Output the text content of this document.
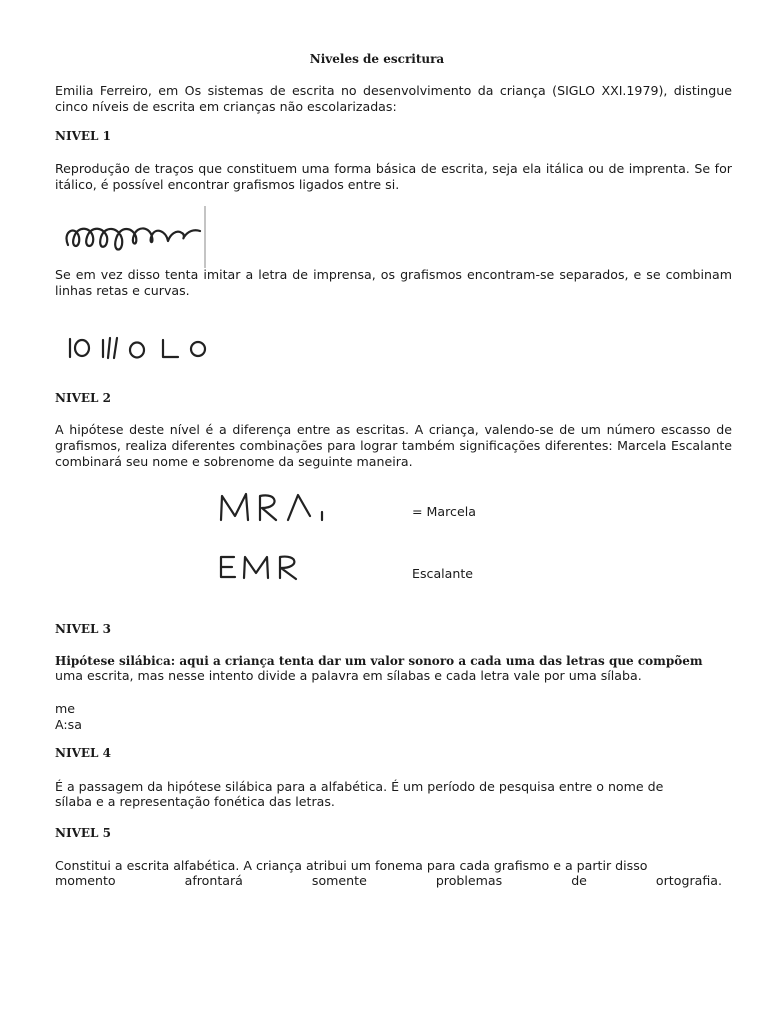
Niveles de escritura
Emilia Ferreiro, em Os sistemas de escrita no desenvolvimento da criança (SIGLO XXI.1979), distingue cinco níveis de escrita em crianças não escolarizadas:
NIVEL 1
Reprodução de traços que constituem uma forma básica de escrita, seja ela itálica ou de imprenta. Se for itálico, é possível encontrar grafismos ligados entre si.
Se em vez disso tenta imitar a letra de imprensa, os grafismos encontram-se separados, e se combinam linhas retas e curvas.
NIVEL 2
A hipótese deste nível é a diferença entre as escritas. A criança, valendo-se de um número escasso de grafismos, realiza diferentes combinações para lograr também significações diferentes: Marcela Escalante combinará seu nome e sobrenome da seguinte maneira.
= Marcela
Escalante
NIVEL 3
Hipótese silábica: aqui a criança tenta dar um valor sonoro a cada uma das letras que compõem
uma escrita, mas nesse intento divide a palavra em sílabas e cada letra vale por uma sílaba.
me
A:sa
NIVEL 4
É a passagem da hipótese silábica para a alfabética. É um período de pesquisa entre o nome de
sílaba e a representação fonética das letras.
NIVEL 5
Constitui a escrita alfabética. A criança atribui um fonema para cada grafismo e a partir disso
momento afrontará somente problemas de ortografia.
